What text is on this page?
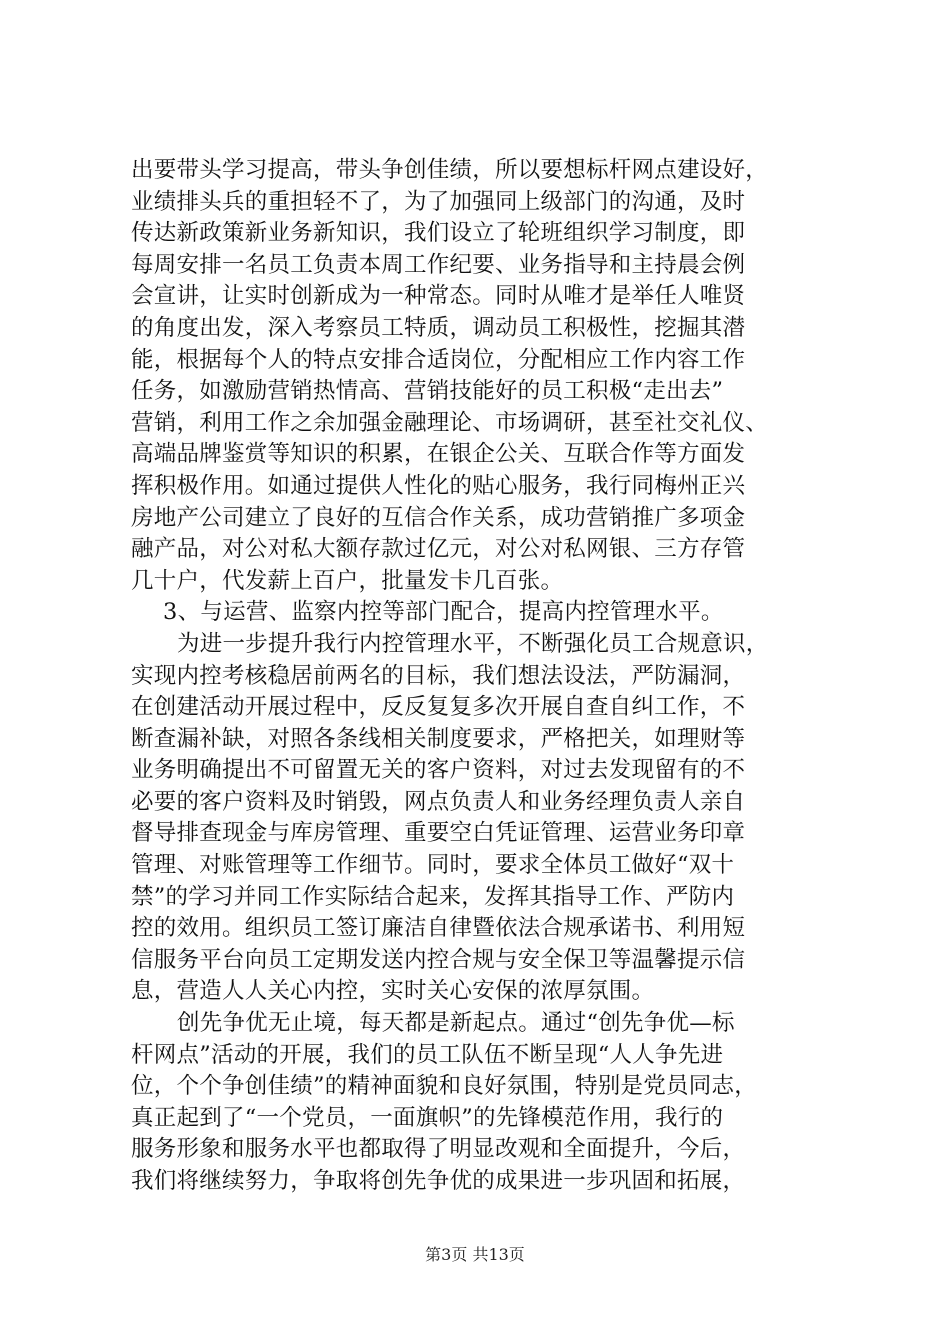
出要带头学习提高，带头争创佳绩，所以要想标杆网点建设好，
业绩排头兵的重担轻不了，为了加强同上级部门的沟通，及时
传达新政策新业务新知识，我们设立了轮班组织学习制度，即
每周安排一名员工负责本周工作纪要、业务指导和主持晨会例
会宣讲，让实时创新成为一种常态。同时从唯才是举任人唯贤
的角度出发，深入考察员工特质，调动员工积极性，挖掘其潜
能，根据每个人的特点安排合适岗位，分配相应工作内容工作
任务，如激励营销热情高、营销技能好的员工积极“走出去”
营销，利用工作之余加强金融理论、市场调研，甚至社交礼仪、
高端品牌鉴赏等知识的积累，在银企公关、互联合作等方面发
挥积极作用。如通过提供人性化的贴心服务，我行同梅州正兴
房地产公司建立了良好的互信合作关系，成功营销推广多项金
融产品，对公对私大额存款过亿元，对公对私网银、三方存管
几十户，代发薪上百户，批量发卡几百张。
3、与运营、监察内控等部门配合，提高内控管理水平。
为进一步提升我行内控管理水平，不断强化员工合规意识，
实现内控考核稳居前两名的目标，我们想法设法，严防漏洞，
在创建活动开展过程中，反反复复多次开展自查自纠工作，不
断查漏补缺，对照各条线相关制度要求，严格把关，如理财等
业务明确提出不可留置无关的客户资料，对过去发现留有的不
必要的客户资料及时销毁，网点负责人和业务经理负责人亲自
督导排查现金与库房管理、重要空白凭证管理、运营业务印章
管理、对账管理等工作细节。同时，要求全体员工做好“双十
禁”的学习并同工作实际结合起来，发挥其指导工作、严防内
控的效用。组织员工签订廉洁自律暨依法合规承诺书、利用短
信服务平台向员工定期发送内控合规与安全保卫等温馨提示信
息，营造人人关心内控，实时关心安保的浓厚氛围。
创先争优无止境，每天都是新起点。通过“创先争优—标
杆网点”活动的开展，我们的员工队伍不断呈现“人人争先进
位，个个争创佳绩”的精神面貌和良好氛围，特别是党员同志，
真正起到了“一个党员，一面旗帜”的先锋模范作用，我行的
服务形象和服务水平也都取得了明显改观和全面提升，今后，
我们将继续努力，争取将创先争优的成果进一步巩固和拓展，
第3页 共13页
